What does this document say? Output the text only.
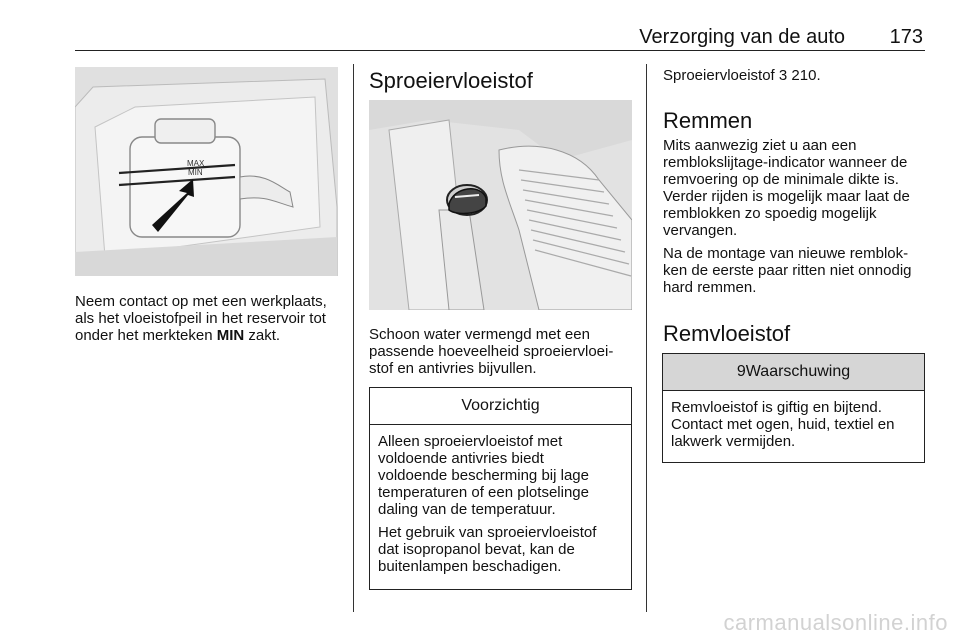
Verzorging van de auto 173
MAX
MIN

Neem contact op met een werkplaats,

als het vloeistofpeil in het reservoir tot

onder het merkteken MIN zakt.

Sproeiervloeistof

Schoon water vermengd met een

passende hoeveelheid sproeiervloei-

stof en antivries bijvullen.

Voorzichtig

Alleen sproeiervloeistof met
voldoende antivries biedt
voldoende bescherming bij lage
temperaturen of een plotselinge
daling van de temperatuur.

Het gebruik van sproeiervloeistof
dat isopropanol bevat, kan de
buitenlampen beschadigen.

Sproeiervloeistof 3 210.

Remmen

Mits aanwezig ziet u aan een
remblokslijtage-indicator wanneer de
remvoering op de minimale dikte is.
Verder rijden is mogelijk maar laat de
remblokken zo spoedig mogelijk
vervangen.

Na de montage van nieuwe remblok-
ken de eerste paar ritten niet onnodig
hard remmen.

Remvloeistof
9Waarschuwing

Remvloeistof is giftig en bijtend.
Contact met ogen, huid, textiel en
lakwerk vermijden.

carmanualsonline.info
